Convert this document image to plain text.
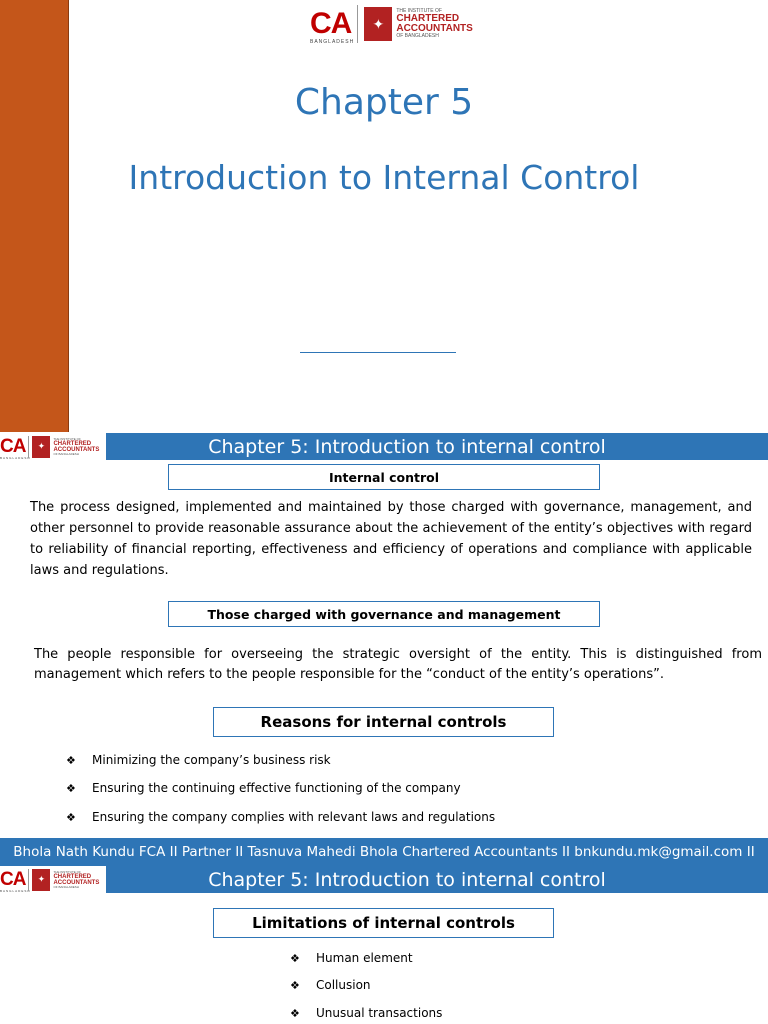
CA
BANGLADESH
✦
THE INSTITUTE OF
CHARTERED
ACCOUNTANTS
OF BANGLADESH
Chapter 5
Introduction to Internal Control
CA
BANGLADESH
✦
THE INSTITUTE OF
CHARTERED
ACCOUNTANTS
OF BANGLADESH	Chapter 5: Introduction to internal control
Internal control
The process designed, implemented and maintained by those charged with governance, management, and other personnel to provide reasonable assurance about the achievement of the entity’s objectives with regard to reliability of financial reporting, effectiveness and efficiency of operations and compliance with applicable laws and regulations.
Those charged with governance and management
The people responsible for overseeing the strategic oversight of the entity. This is distinguished from management which refers to the people responsible for the “conduct of the entity’s operations”.
Reasons for internal controls
❖	Minimizing the company’s business risk
❖	Ensuring the continuing effective functioning of the company
❖	Ensuring the company complies with relevant laws and regulations
Bhola Nath Kundu FCA II Partner II Tasnuva Mahedi Bhola Chartered Accountants II bnkundu.mk@gmail.com II
CA
BANGLADESH
✦
THE INSTITUTE OF
CHARTERED
ACCOUNTANTS
OF BANGLADESH	Chapter 5: Introduction to internal control
Limitations of internal controls
❖	Human element
❖	Collusion
❖	Unusual transactions
